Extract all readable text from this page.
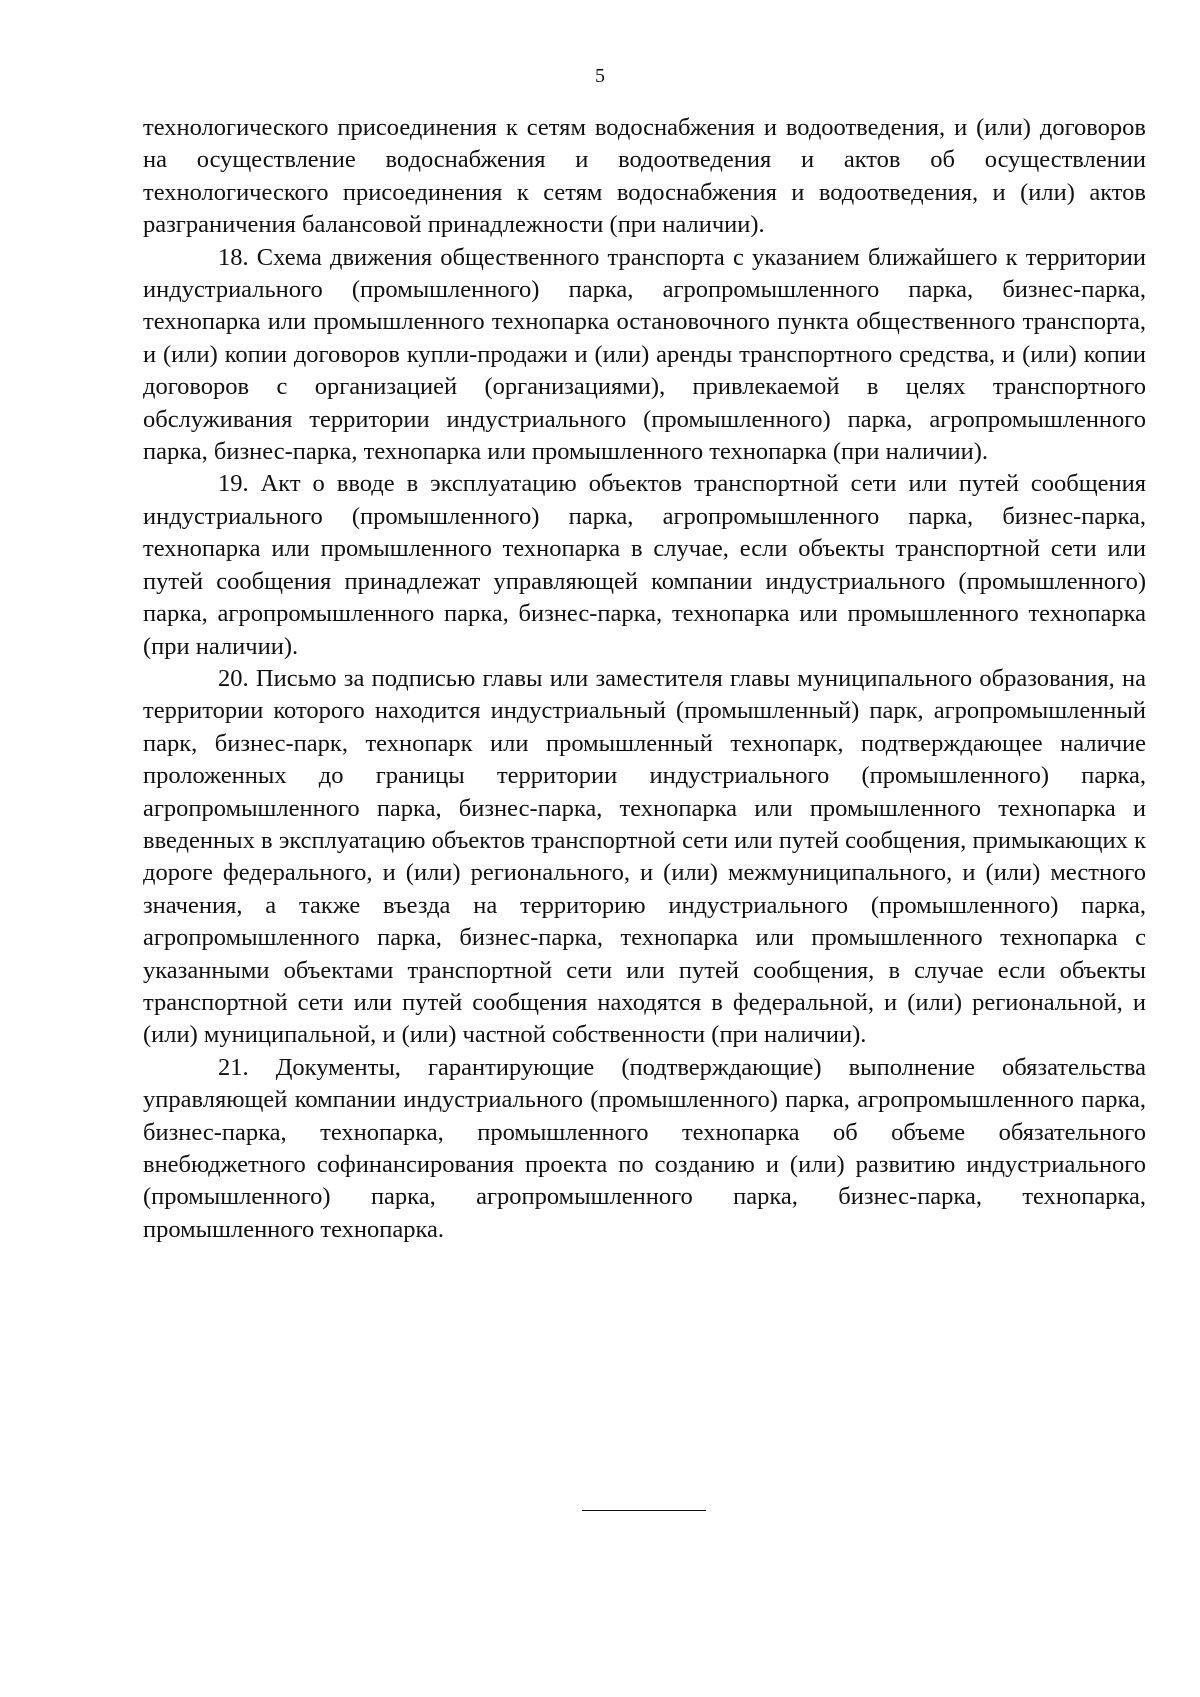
5

технологического присоединения к сетям водоснабжения и водоотведения, и (или) договоров на осуществление водоснабжения и водоотведения и актов об осуществлении технологического присоединения к сетям водоснабжения и водоотведения, и (или) актов разграничения балансовой принадлежности (при наличии).

18. Схема движения общественного транспорта с указанием ближайшего к территории индустриального (промышленного) парка, агропромышленного парка, бизнес-парка, технопарка или промышленного технопарка остановочного пункта общественного транспорта, и (или) копии договоров купли-продажи и (или) аренды транспортного средства, и (или) копии договоров с организацией (организациями), привлекаемой в целях транспортного обслуживания территории индустриального (промышленного) парка, агропромышленного парка, бизнес-парка, технопарка или промышленного технопарка (при наличии).

19. Акт о вводе в эксплуатацию объектов транспортной сети или путей сообщения индустриального (промышленного) парка, агропромышленного парка, бизнес-парка, технопарка или промышленного технопарка в случае, если объекты транспортной сети или путей сообщения принадлежат управляющей компании индустриального (промышленного) парка, агропромышленного парка, бизнес-парка, технопарка или промышленного технопарка (при наличии).

20. Письмо за подписью главы или заместителя главы муниципального образования, на территории которого находится индустриальный (промышленный) парк, агропромышленный парк, бизнес-парк, технопарк или промышленный технопарк, подтверждающее наличие проложенных до границы территории индустриального (промышленного) парка, агропромышленного парка, бизнес-парка, технопарка или промышленного технопарка и введенных в эксплуатацию объектов транспортной сети или путей сообщения, примыкающих к дороге федерального, и (или) регионального, и (или) межмуниципального, и (или) местного значения, а также въезда на территорию индустриального (промышленного) парка, агропромышленного парка, бизнес-парка, технопарка или промышленного технопарка с указанными объектами транспортной сети или путей сообщения, в случае если объекты транспортной сети или путей сообщения находятся в федеральной, и (или) региональной, и (или) муниципальной, и (или) частной собственности (при наличии).

21. Документы, гарантирующие (подтверждающие) выполнение обязательства управляющей компании индустриального (промышленного) парка, агропромышленного парка, бизнес-парка, технопарка, промышленного технопарка об объеме обязательного внебюджетного софинансирования проекта по созданию и (или) развитию индустриального (промышленного) парка, агропромышленного парка, бизнес-парка, технопарка, промышленного технопарка.
